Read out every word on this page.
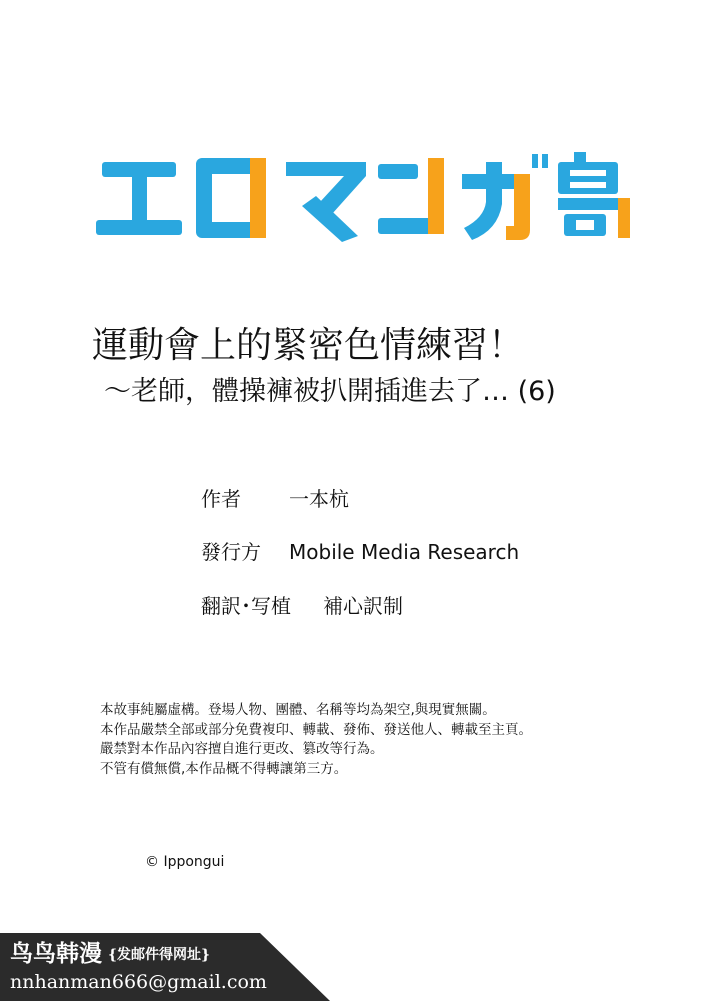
運動會上的緊密色情練習！
～老師，體操褲被扒開插進去了… (6)
作者 一本杭
發行方 Mobile Media Research
翻訳･写植 補心訳制
本故事純屬虛構。登場人物、團體、名稱等均為架空,與現實無關。
本作品嚴禁全部或部分免費複印、轉載、發佈、發送他人、轉載至主頁。
嚴禁對本作品內容擅自進行更改、篡改等行為。
不管有償無償,本作品概不得轉讓第三方。
© Ippongui
鸟鸟韩漫 {发邮件得网址}
nnhanman666@gmail.com
